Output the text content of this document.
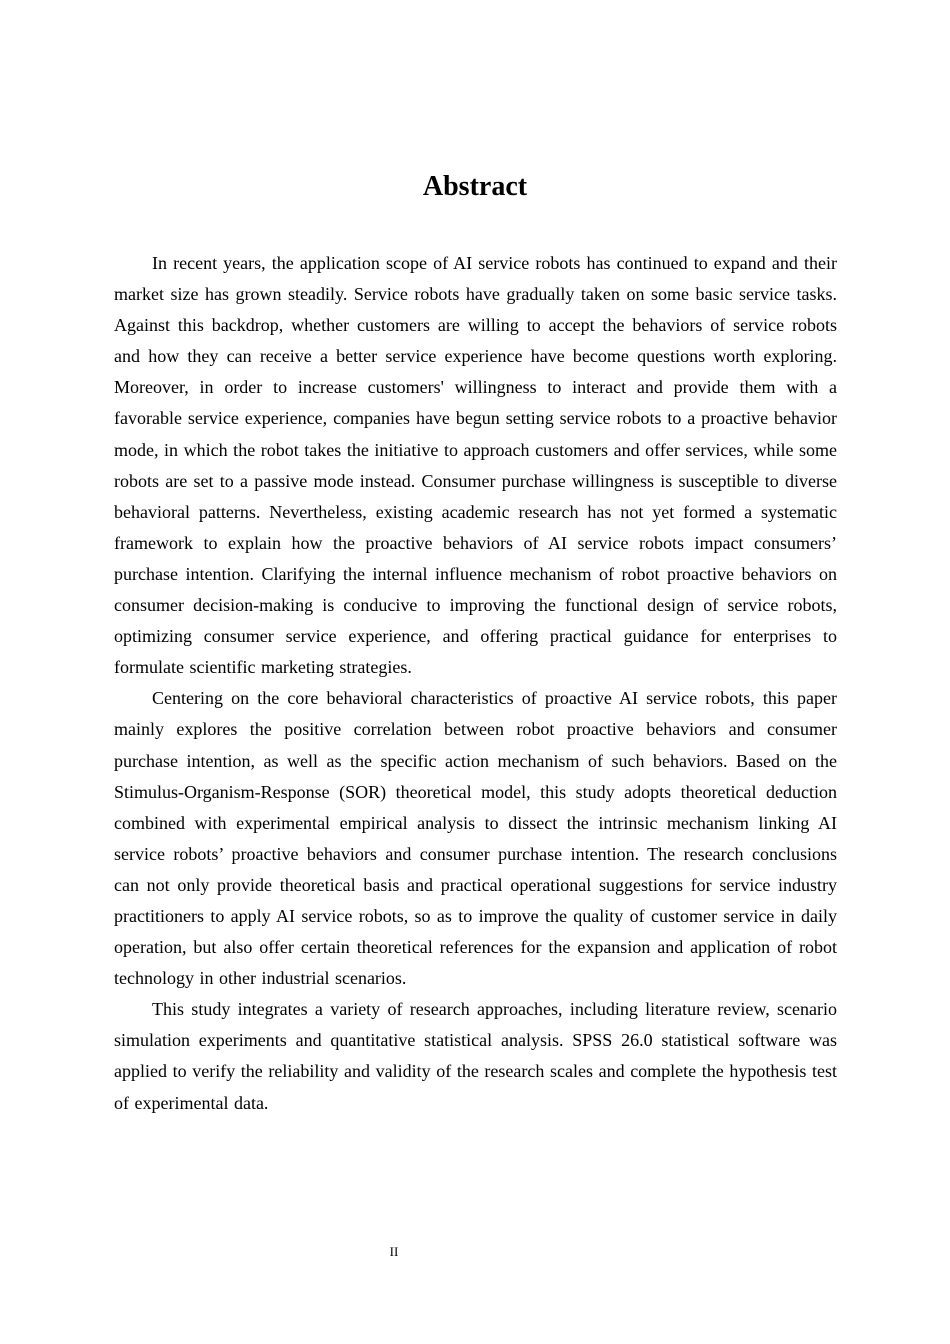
Abstract

In recent years, the application scope of AI service robots has continued to expand and their market size has grown steadily. Service robots have gradually taken on some basic service tasks. Against this backdrop, whether customers are willing to accept the behaviors of service robots and how they can receive a better service experience have become questions worth exploring. Moreover, in order to increase customers' willingness to interact and provide them with a favorable service experience, companies have begun setting service robots to a proactive behavior mode, in which the robot takes the initiative to approach customers and offer services, while some robots are set to a passive mode instead. Consumer purchase willingness is susceptible to diverse behavioral patterns. Nevertheless, existing academic research has not yet formed a systematic framework to explain how the proactive behaviors of AI service robots impact consumers’ purchase intention. Clarifying the internal influence mechanism of robot proactive behaviors on consumer decision-making is conducive to improving the functional design of service robots, optimizing consumer service experience, and offering practical guidance for enterprises to formulate scientific marketing strategies.

Centering on the core behavioral characteristics of proactive AI service robots, this paper mainly explores the positive correlation between robot proactive behaviors and consumer purchase intention, as well as the specific action mechanism of such behaviors. Based on the Stimulus-Organism-Response (SOR) theoretical model, this study adopts theoretical deduction combined with experimental empirical analysis to dissect the intrinsic mechanism linking AI service robots’ proactive behaviors and consumer purchase intention. The research conclusions can not only provide theoretical basis and practical operational suggestions for service industry practitioners to apply AI service robots, so as to improve the quality of customer service in daily operation, but also offer certain theoretical references for the expansion and application of robot technology in other industrial scenarios.

This study integrates a variety of research approaches, including literature review, scenario simulation experiments and quantitative statistical analysis. SPSS 26.0 statistical software was applied to verify the reliability and validity of the research scales and complete the hypothesis test of experimental data.

II
